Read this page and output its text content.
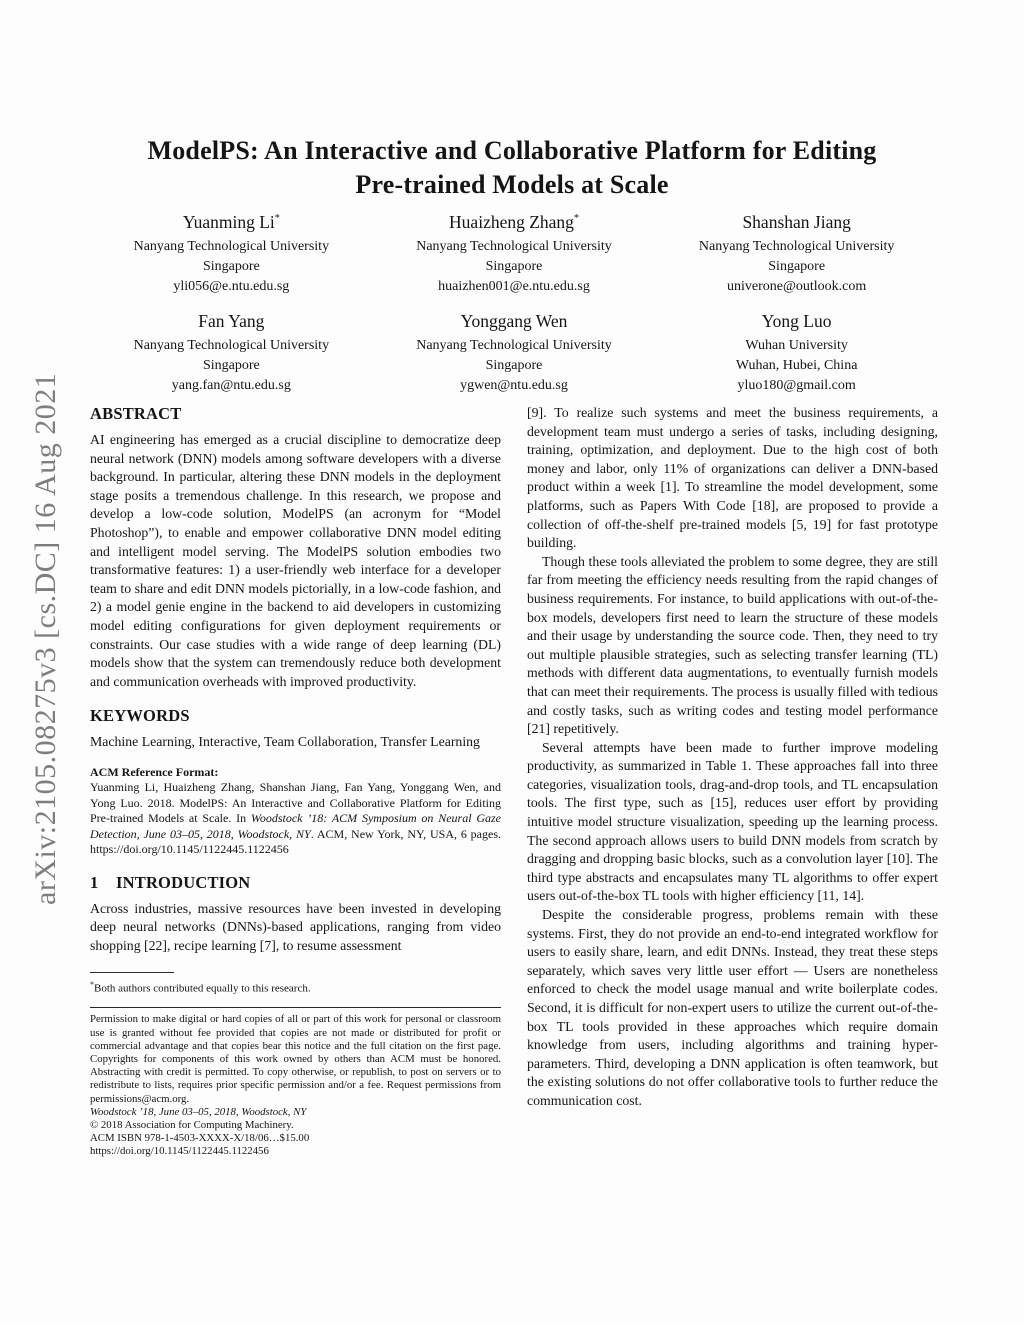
arXiv:2105.08275v3 [cs.DC] 16 Aug 2021
ModelPS: An Interactive and Collaborative Platform for Editing
Pre-trained Models at Scale
Yuanming Li*
Nanyang Technological University
Singapore
yli056@e.ntu.edu.sg
Huaizheng Zhang*
Nanyang Technological University
Singapore
huaizhen001@e.ntu.edu.sg
Shanshan Jiang
Nanyang Technological University
Singapore
univerone@outlook.com
Fan Yang
Nanyang Technological University
Singapore
yang.fan@ntu.edu.sg
Yonggang Wen
Nanyang Technological University
Singapore
ygwen@ntu.edu.sg
Yong Luo
Wuhan University
Wuhan, Hubei, China
yluo180@gmail.com
ABSTRACT

AI engineering has emerged as a crucial discipline to democratize deep neural network (DNN) models among software developers with a diverse background. In particular, altering these DNN models in the deployment stage posits a tremendous challenge. In this research, we propose and develop a low-code solution, ModelPS (an acronym for “Model Photoshop”), to enable and empower collaborative DNN model editing and intelligent model serving. The ModelPS solution embodies two transformative features: 1) a user-friendly web interface for a developer team to share and edit DNN models pictorially, in a low-code fashion, and 2) a model genie engine in the backend to aid developers in customizing model editing configurations for given deployment requirements or constraints. Our case studies with a wide range of deep learning (DL) models show that the system can tremendously reduce both development and communication overheads with improved productivity.

KEYWORDS

Machine Learning, Interactive, Team Collaboration, Transfer Learning

ACM Reference Format:

Yuanming Li, Huaizheng Zhang, Shanshan Jiang, Fan Yang, Yonggang Wen, and Yong Luo. 2018. ModelPS: An Interactive and Collaborative Platform for Editing Pre-trained Models at Scale. In Woodstock ’18: ACM Symposium on Neural Gaze Detection, June 03–05, 2018, Woodstock, NY. ACM, New York, NY, USA, 6 pages. https://doi.org/10.1145/1122445.1122456

1 INTRODUCTION

Across industries, massive resources have been invested in developing deep neural networks (DNNs)-based applications, ranging from video shopping [22], recipe learning [7], to resume assessment

*Both authors contributed equally to this research.

Permission to make digital or hard copies of all or part of this work for personal or classroom use is granted without fee provided that copies are not made or distributed for profit or commercial advantage and that copies bear this notice and the full citation on the first page. Copyrights for components of this work owned by others than ACM must be honored. Abstracting with credit is permitted. To copy otherwise, or republish, to post on servers or to redistribute to lists, requires prior specific permission and/or a fee. Request permissions from permissions@acm.org.

Woodstock ’18, June 03–05, 2018, Woodstock, NY

© 2018 Association for Computing Machinery.

ACM ISBN 978-1-4503-XXXX-X/18/06…$15.00

https://doi.org/10.1145/1122445.1122456

[9]. To realize such systems and meet the business requirements, a development team must undergo a series of tasks, including designing, training, optimization, and deployment. Due to the high cost of both money and labor, only 11% of organizations can deliver a DNN-based product within a week [1]. To streamline the model development, some platforms, such as Papers With Code [18], are proposed to provide a collection of off-the-shelf pre-trained models [5, 19] for fast prototype building.

Though these tools alleviated the problem to some degree, they are still far from meeting the efficiency needs resulting from the rapid changes of business requirements. For instance, to build applications with out-of-the-box models, developers first need to learn the structure of these models and their usage by understanding the source code. Then, they need to try out multiple plausible strategies, such as selecting transfer learning (TL) methods with different data augmentations, to eventually furnish models that can meet their requirements. The process is usually filled with tedious and costly tasks, such as writing codes and testing model performance [21] repetitively.

Several attempts have been made to further improve modeling productivity, as summarized in Table 1. These approaches fall into three categories, visualization tools, drag-and-drop tools, and TL encapsulation tools. The first type, such as [15], reduces user effort by providing intuitive model structure visualization, speeding up the learning process. The second approach allows users to build DNN models from scratch by dragging and dropping basic blocks, such as a convolution layer [10]. The third type abstracts and encapsulates many TL algorithms to offer expert users out-of-the-box TL tools with higher efficiency [11, 14].

Despite the considerable progress, problems remain with these systems. First, they do not provide an end-to-end integrated workflow for users to easily share, learn, and edit DNNs. Instead, they treat these steps separately, which saves very little user effort — Users are nonetheless enforced to check the model usage manual and write boilerplate codes. Second, it is difficult for non-expert users to utilize the current out-of-the-box TL tools provided in these approaches which require domain knowledge from users, including algorithms and training hyper-parameters. Third, developing a DNN application is often teamwork, but the existing solutions do not offer collaborative tools to further reduce the communication cost.
